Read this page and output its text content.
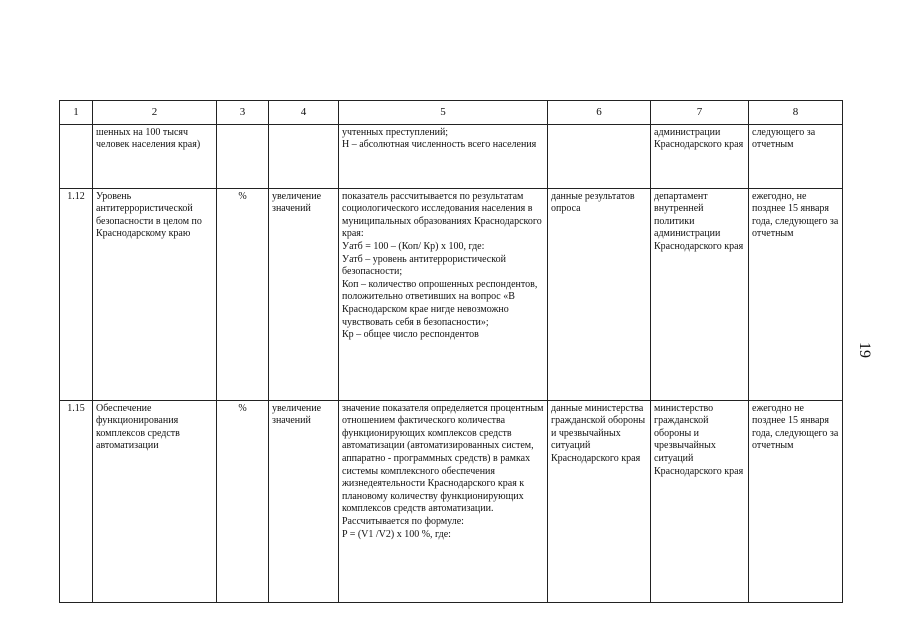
1	2	3	4	5	6	7	8
	шенных на 100 тысяч человек населения края)			учтенных преступлений;
Н – абсолютная численность всего населения		администрации Краснодарского края	следующего за отчетным
1.12	Уровень антитеррористической безопасности в целом по Краснодарскому краю	%	увеличение значений	показатель рассчитывается по результатам социологического исследования населения в муниципальных образованиях Краснодарского края:
Уатб = 100 – (Коп/ Кр) х 100, где:
Уатб – уровень антитеррористической безопасности;
Коп – количество опрошенных респондентов, положительно ответивших на вопрос «В Краснодарском крае нигде невозможно чувствовать себя в безопасности»;
Кр – общее число респондентов	данные результатов опроса	департамент внутренней политики администрации Краснодарского края	ежегодно, не позднее 15 января года, следующего за отчетным
1.15	Обеспечение функционирования комплексов средств автоматизации	%	увеличение значений	значение показателя определяется процентным отношением фактического количества функционирующих комплексов средств автоматизации (автоматизированных систем, аппаратно - программных средств) в рамках системы комплексного обеспечения жизнедеятельности Краснодарского края к плановому количеству функционирующих комплексов средств автоматизации. Рассчитывается по формуле:
P = (V1 /V2) x 100 %, где:	данные министерства гражданской обороны и чрезвычайных ситуаций Краснодарского края	министерство гражданской обороны и чрезвычайных ситуаций Краснодарского края	ежегодно не позднее 15 января года, следующего за отчетным
19
